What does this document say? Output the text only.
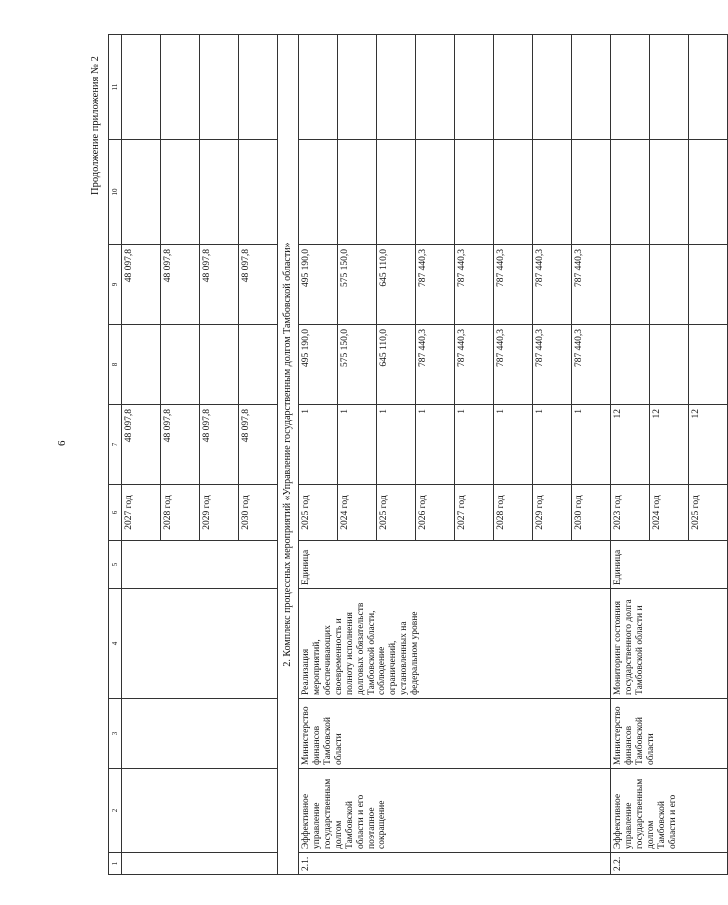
6
Продолжение приложения № 2
1	2	3	4	5	6	7	8	9	10	11
					2027 год	48 097,8		48 097,8		
					2028 год	48 097,8		48 097,8		
					2029 год	48 097,8		48 097,8		
					2030 год	48 097,8		48 097,8		
2. Комплекс процессных мероприятий «Управление государственным долгом Тамбовской области»										
2.1.	Эффективное управление государственным долгом Тамбовской области и его поэтапное сокращение	Министерство финансов Тамбовской области	Реализация мероприятий, обеспечивающих своевременность и полноту исполнения долговых обязательств Тамбовской области, соблюдение ограничений, установленных на федеральном уровне	Единица	2025 год	1	495 190,0	495 190,0		
					2024 год	1	575 150,0	575 150,0		
					2025 год	1	645 110,0	645 110,0		
					2026 год	1	787 440,3	787 440,3		
					2027 год	1	787 440,3	787 440,3		
					2028 год	1	787 440,3	787 440,3		
					2029 год	1	787 440,3	787 440,3		
					2030 год	1	787 440,3	787 440,3		
2.2.	Эффективное управление государственным долгом Тамбовской области и его	Министерство финансов Тамбовской области	Мониторинг состояния государственного долга Тамбовской области и	Единица	2023 год	12				
					2024 год	12				
					2025 год	12				
